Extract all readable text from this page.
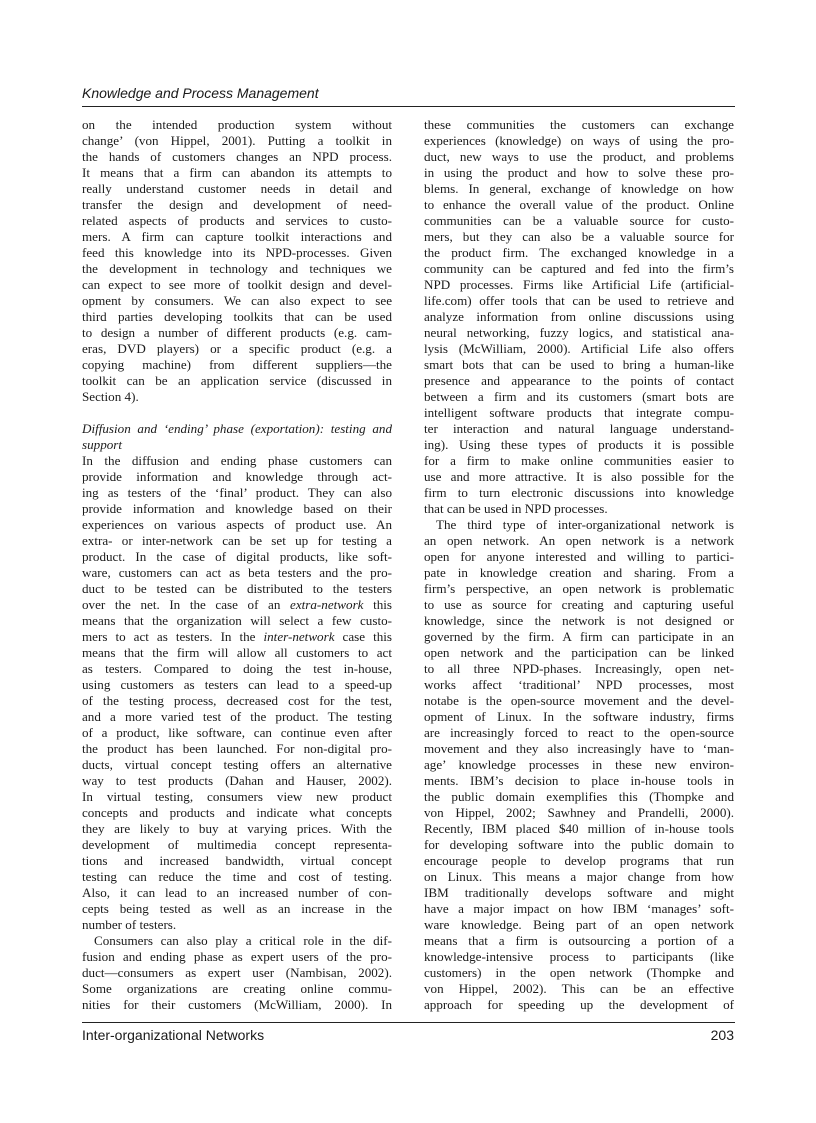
Knowledge and Process Management
on the intended production system without
change’ (von Hippel, 2001). Putting a toolkit in
the hands of customers changes an NPD process.
It means that a firm can abandon its attempts to
really understand customer needs in detail and
transfer the design and development of need-
related aspects of products and services to custo-
mers. A firm can capture toolkit interactions and
feed this knowledge into its NPD-processes. Given
the development in technology and techniques we
can expect to see more of toolkit design and devel-
opment by consumers. We can also expect to see
third parties developing toolkits that can be used
to design a number of different products (e.g. cam-
eras, DVD players) or a specific product (e.g. a
copying machine) from different suppliers—the
toolkit can be an application service (discussed in
Section 4).
Diffusion and ‘ending’ phase (exportation): testing and
support
In the diffusion and ending phase customers can
provide information and knowledge through act-
ing as testers of the ‘final’ product. They can also
provide information and knowledge based on their
experiences on various aspects of product use. An
extra- or inter-network can be set up for testing a
product. In the case of digital products, like soft-
ware, customers can act as beta testers and the pro-
duct to be tested can be distributed to the testers
over the net. In the case of an extra-network this
means that the organization will select a few custo-
mers to act as testers. In the inter-network case this
means that the firm will allow all customers to act
as testers. Compared to doing the test in-house,
using customers as testers can lead to a speed-up
of the testing process, decreased cost for the test,
and a more varied test of the product. The testing
of a product, like software, can continue even after
the product has been launched. For non-digital pro-
ducts, virtual concept testing offers an alternative
way to test products (Dahan and Hauser, 2002).
In virtual testing, consumers view new product
concepts and products and indicate what concepts
they are likely to buy at varying prices. With the
development of multimedia concept representa-
tions and increased bandwidth, virtual concept
testing can reduce the time and cost of testing.
Also, it can lead to an increased number of con-
cepts being tested as well as an increase in the
number of testers.
Consumers can also play a critical role in the dif-
fusion and ending phase as expert users of the pro-
duct—consumers as expert user (Nambisan, 2002).
Some organizations are creating online commu-
nities for their customers (McWilliam, 2000). In
these communities the customers can exchange
experiences (knowledge) on ways of using the pro-
duct, new ways to use the product, and problems
in using the product and how to solve these pro-
blems. In general, exchange of knowledge on how
to enhance the overall value of the product. Online
communities can be a valuable source for custo-
mers, but they can also be a valuable source for
the product firm. The exchanged knowledge in a
community can be captured and fed into the firm’s
NPD processes. Firms like Artificial Life (artificial-
life.com) offer tools that can be used to retrieve and
analyze information from online discussions using
neural networking, fuzzy logics, and statistical ana-
lysis (McWilliam, 2000). Artificial Life also offers
smart bots that can be used to bring a human-like
presence and appearance to the points of contact
between a firm and its customers (smart bots are
intelligent software products that integrate compu-
ter interaction and natural language understand-
ing). Using these types of products it is possible
for a firm to make online communities easier to
use and more attractive. It is also possible for the
firm to turn electronic discussions into knowledge
that can be used in NPD processes.
The third type of inter-organizational network is
an open network. An open network is a network
open for anyone interested and willing to partici-
pate in knowledge creation and sharing. From a
firm’s perspective, an open network is problematic
to use as source for creating and capturing useful
knowledge, since the network is not designed or
governed by the firm. A firm can participate in an
open network and the participation can be linked
to all three NPD-phases. Increasingly, open net-
works affect ‘traditional’ NPD processes, most
notabe is the open-source movement and the devel-
opment of Linux. In the software industry, firms
are increasingly forced to react to the open-source
movement and they also increasingly have to ‘man-
age’ knowledge processes in these new environ-
ments. IBM’s decision to place in-house tools in
the public domain exemplifies this (Thompke and
von Hippel, 2002; Sawhney and Prandelli, 2000).
Recently, IBM placed $40 million of in-house tools
for developing software into the public domain to
encourage people to develop programs that run
on Linux. This means a major change from how
IBM traditionally develops software and might
have a major impact on how IBM ‘manages’ soft-
ware knowledge. Being part of an open network
means that a firm is outsourcing a portion of a
knowledge-intensive process to participants (like
customers) in the open network (Thompke and
von Hippel, 2002). This can be an effective
approach for speeding up the development of
Inter-organizational Networks	203
